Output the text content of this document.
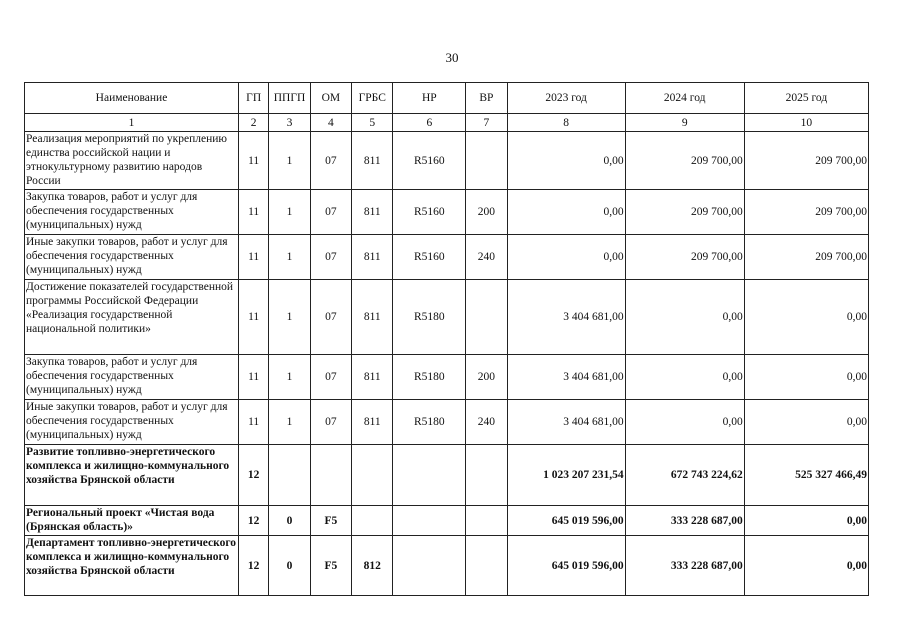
30
Наименование	ГП	ППГП	ОМ	ГРБС	НР	ВР	2023 год	2024 год	2025 год
1	2	3	4	5	6	7	8	9	10
Реализация мероприятий по укреплению единства российской нации и этнокультурному развитию народов России	11	1	07	811	R5160		0,00	209 700,00	209 700,00
Закупка товаров, работ и услуг для обеспечения государственных (муниципальных) нужд	11	1	07	811	R5160	200	0,00	209 700,00	209 700,00
Иные закупки товаров, работ и услуг для обеспечения государственных (муниципальных) нужд	11	1	07	811	R5160	240	0,00	209 700,00	209 700,00
Достижение показателей государственной программы Российской Федерации «Реализация государственной национальной политики»	11	1	07	811	R5180		3 404 681,00	0,00	0,00
Закупка товаров, работ и услуг для обеспечения государственных (муниципальных) нужд	11	1	07	811	R5180	200	3 404 681,00	0,00	0,00
Иные закупки товаров, работ и услуг для обеспечения государственных (муниципальных) нужд	11	1	07	811	R5180	240	3 404 681,00	0,00	0,00
Развитие топливно-энергетического комплекса и жилищно-коммунального хозяйства Брянской области	12						1 023 207 231,54	672 743 224,62	525 327 466,49
Региональный проект «Чистая вода (Брянская область)»	12	0	F5				645 019 596,00	333 228 687,00	0,00
Департамент топливно-энергетического комплекса и жилищно-коммунального хозяйства Брянской области	12	0	F5	812			645 019 596,00	333 228 687,00	0,00
